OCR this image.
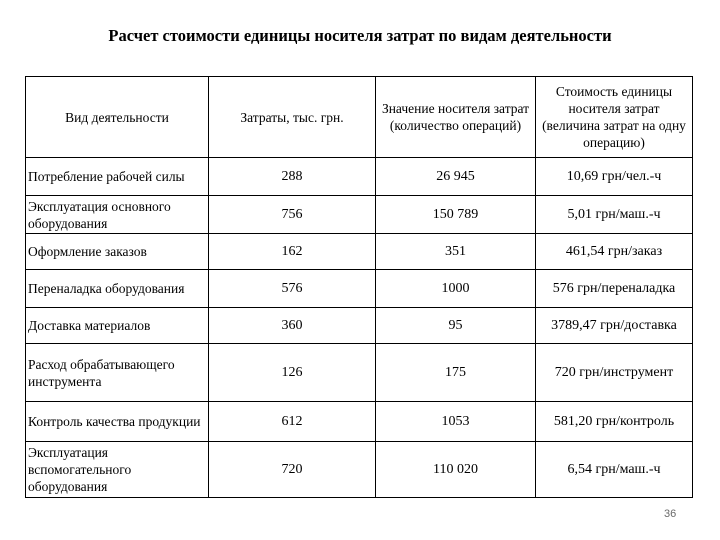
Расчет стоимости единицы носителя затрат по видам деятельности
Вид деятельности	Затраты, тыс. грн.	Значение носителя затрат (количество операций)	Стоимость единицы носителя затрат (величина затрат на одну операцию)
Потребление рабочей силы	288	26 945	10,69 грн/чел.-ч
Эксплуатация основного оборудования	756	150 789	5,01 грн/маш.-ч
Оформление заказов	162	351	461,54 грн/заказ
Переналадка оборудования	576	1000	576 грн/переналадка
Доставка материалов	360	95	3789,47 грн/доставка
Расход обрабатывающего инструмента	126	175	720 грн/инструмент
Контроль качества продукции	612	1053	581,20 грн/контроль
Эксплуатация вспомогательного оборудования	720	110 020	6,54 грн/маш.-ч
36
